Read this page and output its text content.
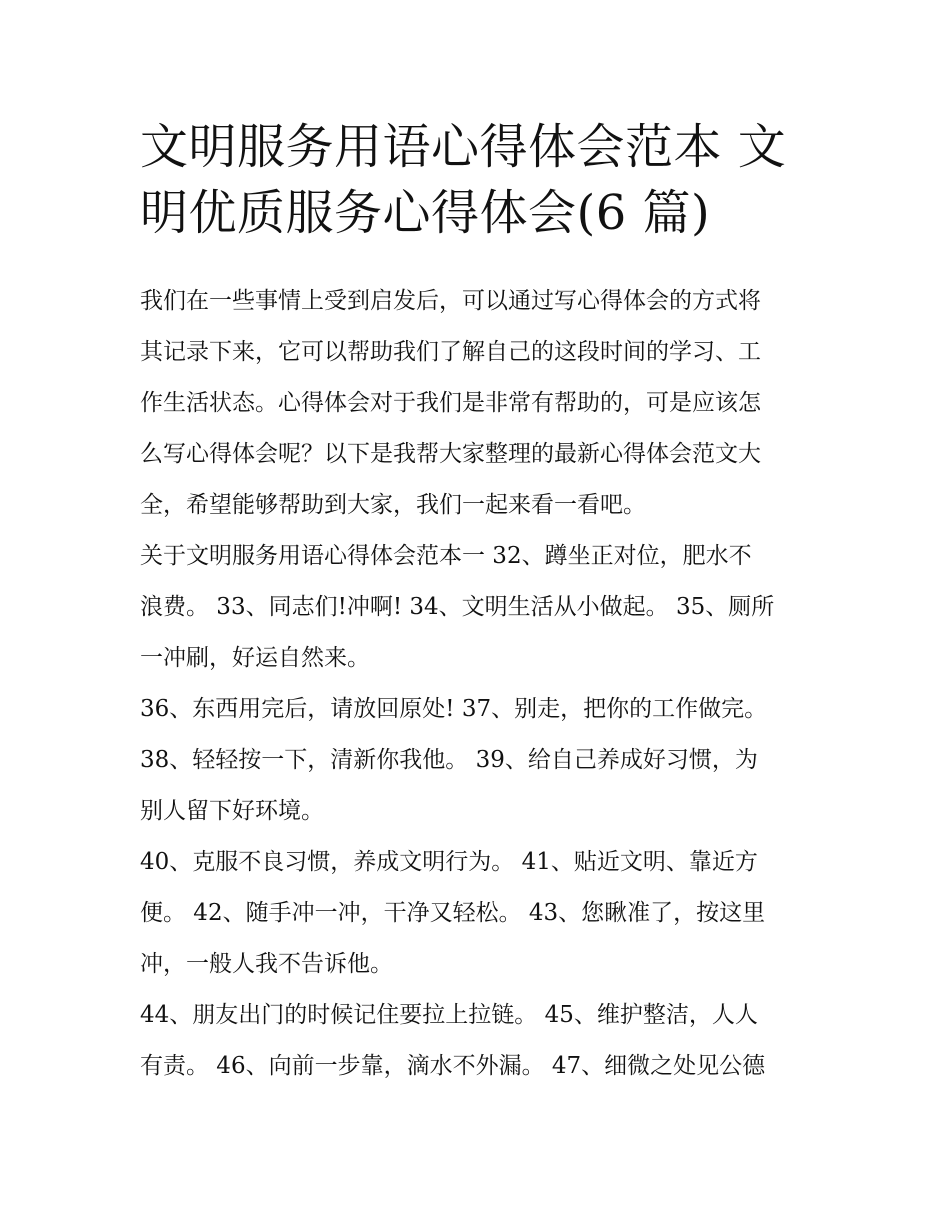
文明服务用语心得体会范本 文
明优质服务心得体会(6 篇)

我们在一些事情上受到启发后，可以通过写心得体会的方式将

其记录下来，它可以帮助我们了解自己的这段时间的学习、工

作生活状态。心得体会对于我们是非常有帮助的，可是应该怎

么写心得体会呢？以下是我帮大家整理的最新心得体会范文大

全，希望能够帮助到大家，我们一起来看一看吧。

关于文明服务用语心得体会范本一 32、蹲坐正对位，肥水不

浪费。 33、同志们!冲啊! 34、文明生活从小做起。 35、厕所

一冲刷，好运自然来。

36、东西用完后，请放回原处! 37、别走，把你的工作做完。

38、轻轻按一下，清新你我他。 39、给自己养成好习惯，为

别人留下好环境。

40、克服不良习惯，养成文明行为。 41、贴近文明、靠近方

便。 42、随手冲一冲，干净又轻松。 43、您瞅准了，按这里

冲，一般人我不告诉他。

44、朋友出门的时候记住要拉上拉链。 45、维护整洁，人人

有责。 46、向前一步靠，滴水不外漏。 47、细微之处见公德
